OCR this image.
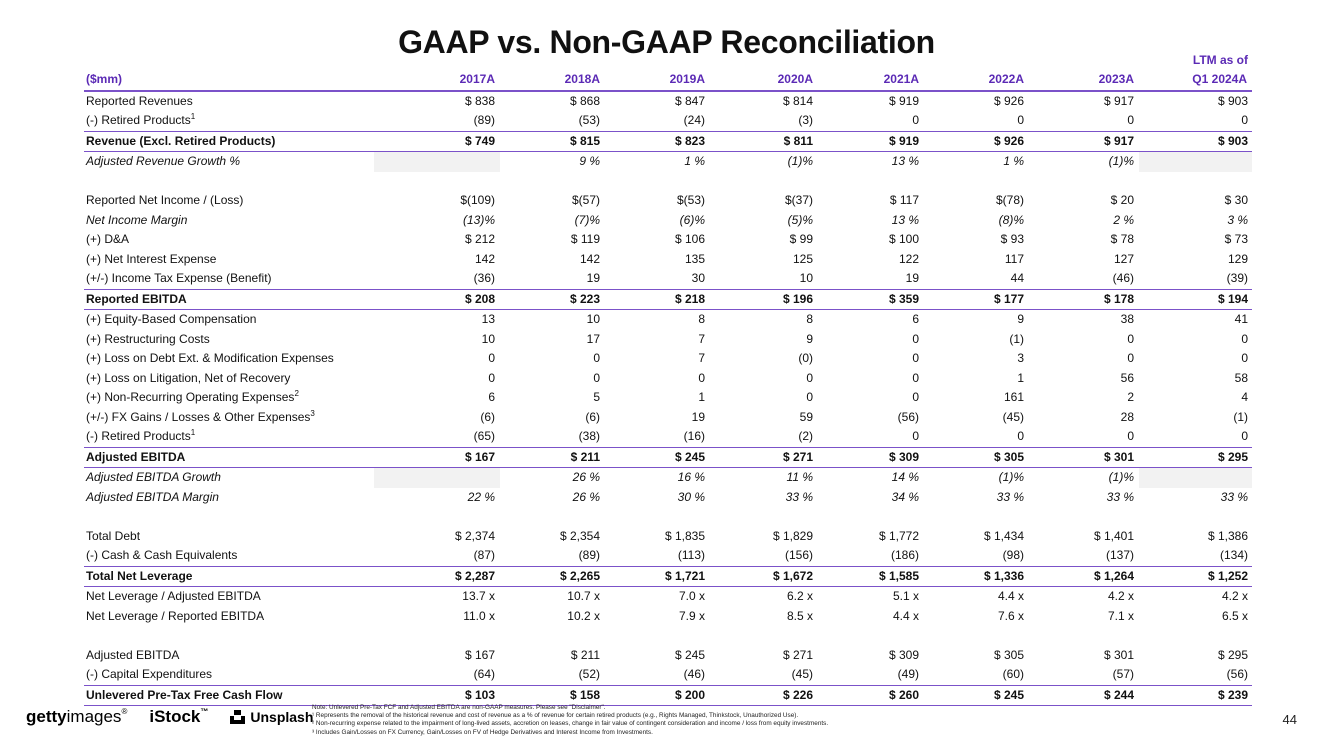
GAAP vs. Non-GAAP Reconciliation	LTM as of
($mm)	2017A	2018A	2019A	2020A	2021A	2022A	2023A	Q1 2024A
Reported Revenues	$ 838	$ 868	$ 847	$ 814	$ 919	$ 926	$ 917	$ 903
(-) Retired Products$^1$	(89)	(53)	(24)	(3)	0	0	0	0
Revenue (Excl. Retired Products)	$ 749	$ 815	$ 823	$ 811	$ 919	$ 926	$ 917	$ 903
Adjusted Revenue Growth %		9 %	1 %	(1)%	13 %	1 %	(1)%	

Reported Net Income / (Loss)	$(109)	$(57)	$(53)	$(37)	$ 117	$(78)	$ 20	$ 30
Net Income Margin	(13)%	(7)%	(6)%	(5)%	13 %	(8)%	2 %	3 %
(+) D&A	$ 212	$ 119	$ 106	$ 99	$ 100	$ 93	$ 78	$ 73
(+) Net Interest Expense	142	142	135	125	122	117	127	129
(+/-) Income Tax Expense (Benefit)	(36)	19	30	10	19	44	(46)	(39)
Reported EBITDA	$ 208	$ 223	$ 218	$ 196	$ 359	$ 177	$ 178	$ 194
(+) Equity-Based Compensation	13	10	8	8	6	9	38	41
(+) Restructuring Costs	10	17	7	9	0	(1)	0	0
(+) Loss on Debt Ext. & Modification Expenses	0	0	7	(0)	0	3	0	0
(+) Loss on Litigation, Net of Recovery	0	0	0	0	0	1	56	58
(+) Non-Recurring Operating Expenses$^2$	6	5	1	0	0	161	2	4
(+/-) FX Gains / Losses & Other Expenses$^3$	(6)	(6)	19	59	(56)	(45)	28	(1)
(-) Retired Products$^1$	(65)	(38)	(16)	(2)	0	0	0	0
Adjusted EBITDA	$ 167	$ 211	$ 245	$ 271	$ 309	$ 305	$ 301	$ 295
Adjusted EBITDA Growth		26 %	16 %	11 %	14 %	(1)%	(1)%	
Adjusted EBITDA Margin	22 %	26 %	30 %	33 %	34 %	33 %	33 %	33 %

Total Debt	$ 2,374	$ 2,354	$ 1,835	$ 1,829	$ 1,772	$ 1,434	$ 1,401	$ 1,386
(-) Cash & Cash Equivalents	(87)	(89)	(113)	(156)	(186)	(98)	(137)	(134)
Total Net Leverage	$ 2,287	$ 2,265	$ 1,721	$ 1,672	$ 1,585	$ 1,336	$ 1,264	$ 1,252
Net Leverage / Adjusted EBITDA	13.7 x	10.7 x	7.0 x	6.2 x	5.1 x	4.4 x	4.2 x	4.2 x
Net Leverage / Reported EBITDA	11.0 x	10.2 x	7.9 x	8.5 x	4.4 x	7.6 x	7.1 x	6.5 x

Adjusted EBITDA	$ 167	$ 211	$ 245	$ 271	$ 309	$ 305	$ 301	$ 295
(-) Capital Expenditures	(64)	(52)	(46)	(45)	(49)	(60)	(57)	(56)
Unlevered Pre-Tax Free Cash Flow	$ 103	$ 158	$ 200	$ 226	$ 260	$ 245	$ 244	$ 239
gettyimages® iStock™	Unsplash
Note: Unlevered Pre-Tax FCF and Adjusted EBITDA are non-GAAP measures. Please see "Disclaimer".
¹ Represents the removal of the historical revenue and cost of revenue as a % of revenue for certain retired products (e.g., Rights Managed, Thinkstock, Unauthorized Use).
² Non-recurring expense related to the impairment of long-lived assets, accretion on leases, change in fair value of contingent consideration and income / loss from equity investments.
³ Includes Gain/Losses on FX Currency, Gain/Losses on FV of Hedge Derivatives and Interest Income from Investments.
44
